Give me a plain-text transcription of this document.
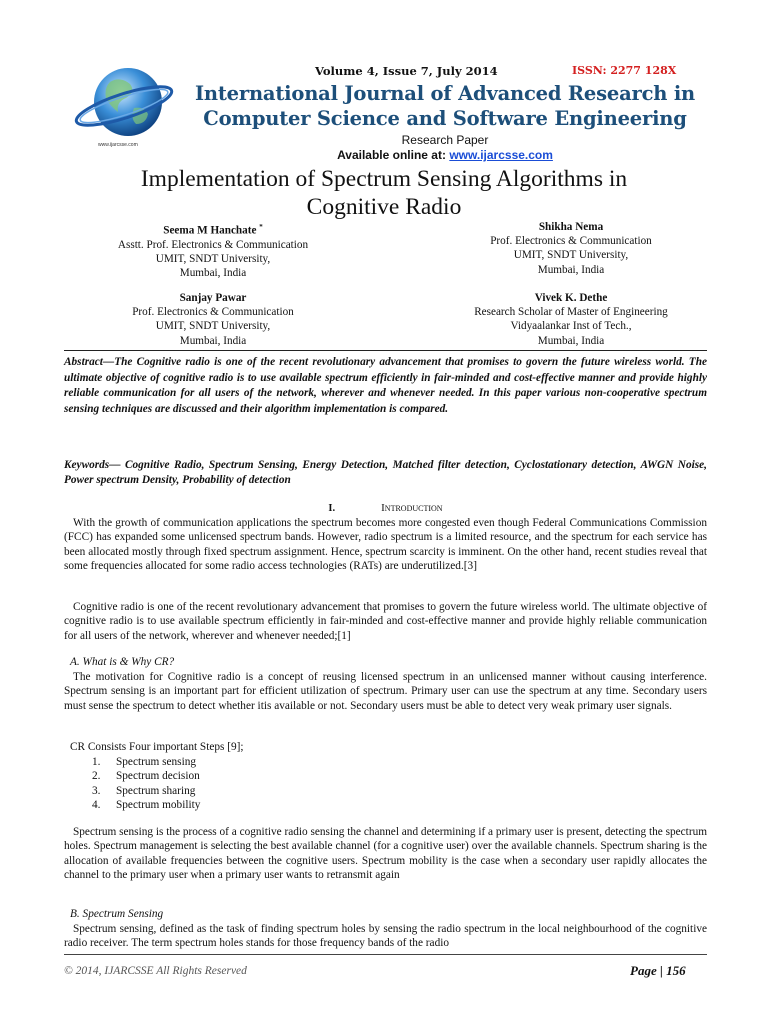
www.ijarcsse.com
Volume 4, Issue 7, July 2014	ISSN: 2277 128X
International Journal of Advanced Research in
Computer Science and Software Engineering
Research Paper
Available online at: www.ijarcsse.com
Implementation of Spectrum Sensing Algorithms in
Cognitive Radio
Seema M Hanchate *
Asstt. Prof. Electronics & Communication
UMIT, SNDT University,
Mumbai, India
Shikha Nema
Prof. Electronics & Communication
UMIT, SNDT University,
Mumbai, India
Sanjay Pawar
Prof. Electronics & Communication
UMIT, SNDT University,
Mumbai, India
Vivek K. Dethe
Research Scholar of Master of Engineering
Vidyaalankar Inst of Tech.,
Mumbai, India
Abstract—The Cognitive radio is one of the recent revolutionary advancement that promises to govern the future wireless world. The ultimate objective of cognitive radio is to use available spectrum efficiently in fair-minded and cost-effective manner and provide highly reliable communication for all users of the network, wherever and whenever needed. In this paper various non-cooperative spectrum sensing techniques are discussed and their algorithm implementation is compared.
Keywords— Cognitive Radio, Spectrum Sensing, Energy Detection, Matched filter detection, Cyclostationary detection, AWGN Noise, Power spectrum Density, Probability of detection
I.	Introduction
With the growth of communication applications the spectrum becomes more congested even though Federal Communications Commission (FCC) has expanded some unlicensed spectrum bands. However, radio spectrum is a limited resource, and the spectrum for each service has been allocated mostly through fixed spectrum assignment. Hence, spectrum scarcity is imminent. On the other hand, recent studies reveal that some frequencies allocated for some radio access technologies (RATs) are underutilized.[3]
Cognitive radio is one of the recent revolutionary advancement that promises to govern the future wireless world. The ultimate objective of cognitive radio is to use available spectrum efficiently in fair-minded and cost-effective manner and provide highly reliable communication for all users of the network, wherever and whenever needed;[1]
A. What is & Why CR?
The motivation for Cognitive radio is a concept of reusing licensed spectrum in an unlicensed manner without causing interference. Spectrum sensing is an important part for efficient utilization of spectrum. Primary user can use the spectrum at any time. Secondary users must sense the spectrum to detect whether itis available or not. Secondary users must be able to detect very weak primary user signals.
CR Consists Four important Steps [9];
1. Spectrum sensing
2. Spectrum decision
3. Spectrum sharing
4. Spectrum mobility
Spectrum sensing is the process of a cognitive radio sensing the channel and determining if a primary user is present, detecting the spectrum holes. Spectrum management is selecting the best available channel (for a cognitive user) over the available channels. Spectrum sharing is the allocation of available frequencies between the cognitive users. Spectrum mobility is the case when a secondary user rapidly allocates the channel to the primary user when a primary user wants to retransmit again
B. Spectrum Sensing
Spectrum sensing, defined as the task of finding spectrum holes by sensing the radio spectrum in the local neighbourhood of the cognitive radio receiver. The term spectrum holes stands for those frequency bands of the radio
© 2014, IJARCSSE All Rights Reserved	Page | 156
